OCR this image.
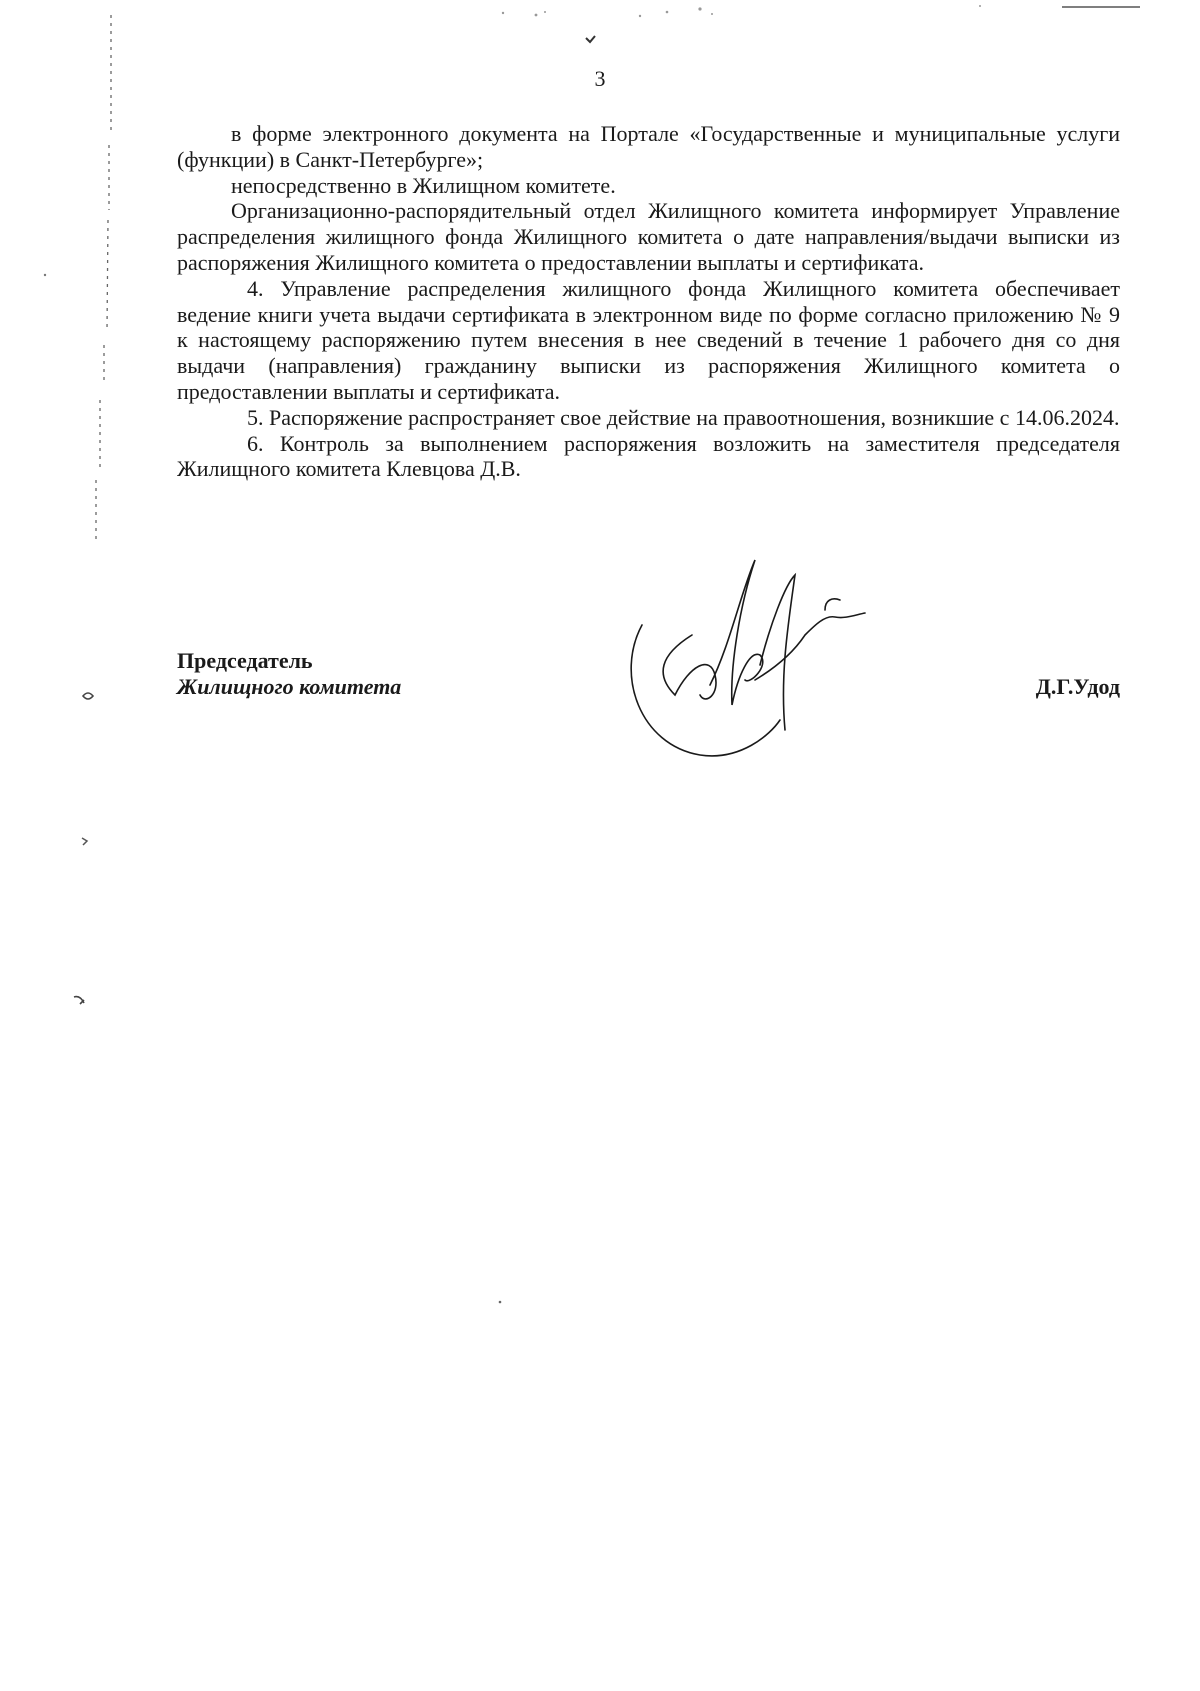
3

в форме электронного документа на Портале «Государственные и муниципальные услуги (функции) в Санкт-Петербурге»;

непосредственно в Жилищном комитете.

Организационно-распорядительный отдел Жилищного комитета информирует Управление распределения жилищного фонда Жилищного комитета о дате направления/выдачи выписки из распоряжения Жилищного комитета о предоставлении выплаты и сертификата.

4. Управление распределения жилищного фонда Жилищного комитета обеспечивает ведение книги учета выдачи сертификата в электронном виде по форме согласно приложению № 9 к настоящему распоряжению путем внесения в нее сведений в течение 1 рабочего дня со дня выдачи (направления) гражданину выписки из распоряжения Жилищного комитета о предоставлении выплаты и сертификата.

5. Распоряжение распространяет свое действие на правоотношения, возникшие с 14.06.2024.

6. Контроль за выполнением распоряжения возложить на заместителя председателя Жилищного комитета Клевцова Д.В.

Председатель
Жилищного комитета	Д.Г.Удод
